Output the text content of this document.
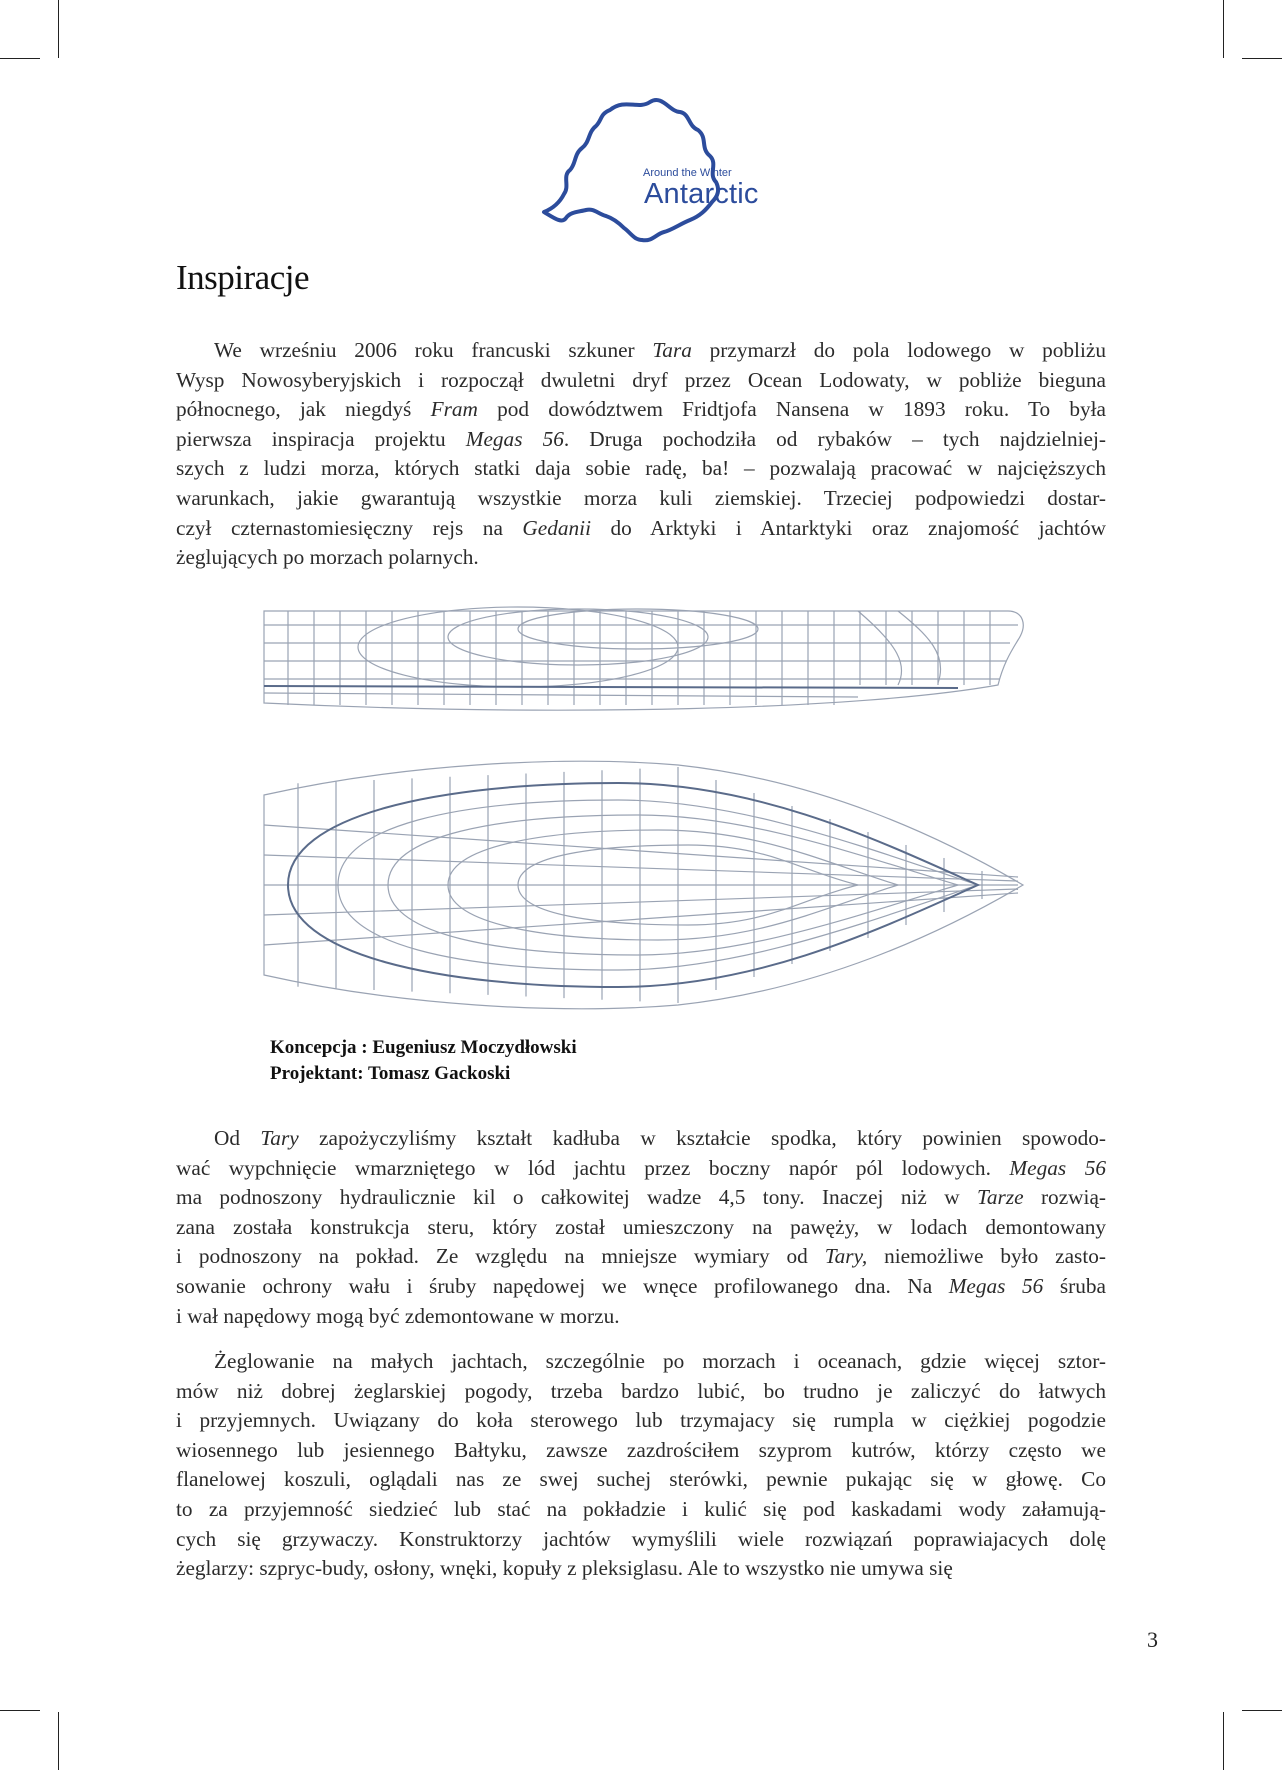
Around the Winter
Antarctic
Inspiracje
We wrześniu 2006 roku francuski szkuner Tara przymarzł do pola lodowego w pobliżu
Wysp Nowosyberyjskich i rozpoczął dwuletni dryf przez Ocean Lodowaty, w pobliże bieguna
północnego, jak niegdyś Fram pod dowództwem Fridtjofa Nansena w 1893 roku. To była
pierwsza inspiracja projektu Megas 56. Druga pochodziła od rybaków – tych najdzielniej-
szych z ludzi morza, których statki daja sobie radę, ba! – pozwalają pracować w najcięższych
warunkach, jakie gwarantują wszystkie morza kuli ziemskiej. Trzeciej podpowiedzi dostar-
czył czternastomiesięczny rejs na Gedanii do Arktyki i Antarktyki oraz znajomość jachtów
żeglujących po morzach polarnych.
Koncepcja : Eugeniusz Moczydłowski
Projektant: Tomasz Gackoski
Od Tary zapożyczyliśmy kształt kadłuba w kształcie spodka, który powinien spowodo-
wać wypchnięcie wmarzniętego w lód jachtu przez boczny napór pól lodowych. Megas 56
ma podnoszony hydraulicznie kil o całkowitej wadze 4,5 tony. Inaczej niż w Tarze rozwią-
zana została konstrukcja steru, który został umieszczony na pawęży, w lodach demontowany
i podnoszony na pokład. Ze względu na mniejsze wymiary od Tary, niemożliwe było zasto-
sowanie ochrony wału i śruby napędowej we wnęce profilowanego dna. Na Megas 56 śruba
i wał napędowy mogą być zdemontowane w morzu.
Żeglowanie na małych jachtach, szczególnie po morzach i oceanach, gdzie więcej sztor-
mów niż dobrej żeglarskiej pogody, trzeba bardzo lubić, bo trudno je zaliczyć do łatwych
i przyjemnych. Uwiązany do koła sterowego lub trzymajacy się rumpla w ciężkiej pogodzie
wiosennego lub jesiennego Bałtyku, zawsze zazdrościłem szyprom kutrów, którzy często we
flanelowej koszuli, oglądali nas ze swej suchej sterówki, pewnie pukając się w głowę. Co
to za przyjemność siedzieć lub stać na pokładzie i kulić się pod kaskadami wody załamują-
cych się grzywaczy. Konstruktorzy jachtów wymyślili wiele rozwiązań poprawiajacych dolę
żeglarzy: szpryc-budy, osłony, wnęki, kopuły z pleksiglasu. Ale to wszystko nie umywa się
3
